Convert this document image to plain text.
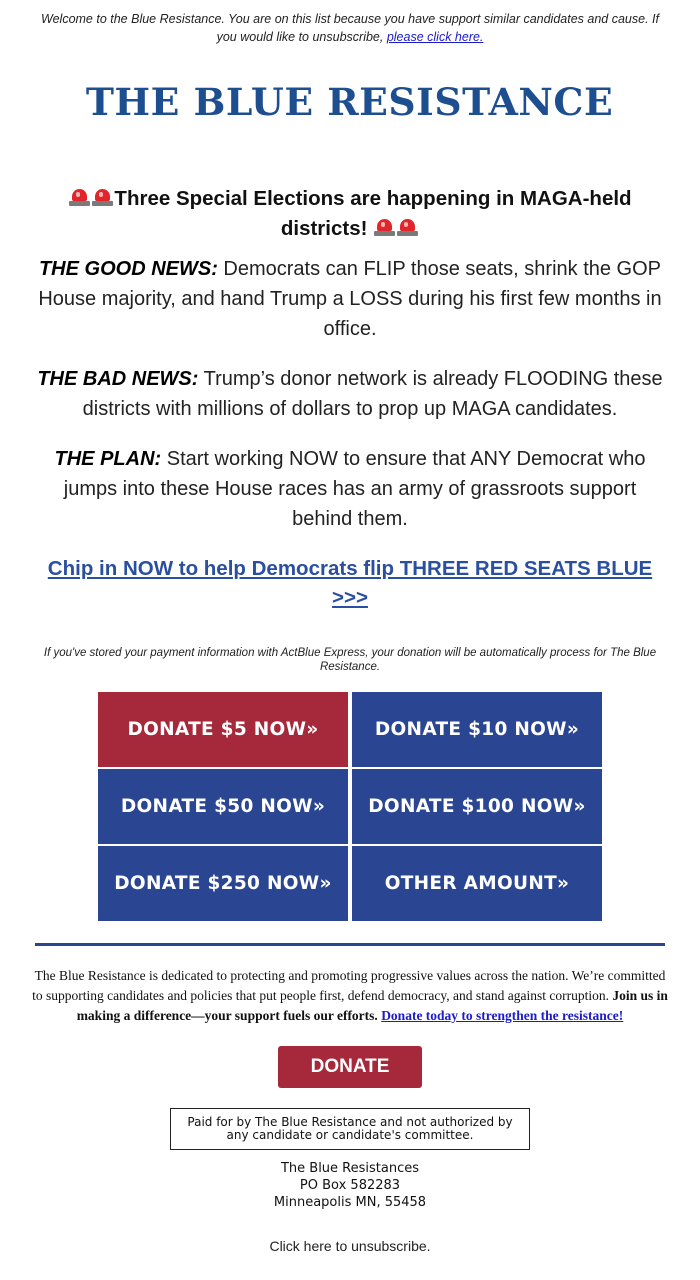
Welcome to the Blue Resistance. You are on this list because you have support similar candidates and cause. If you would like to unsubscribe, please click here.
THE BLUE RESISTANCE
Three Special Elections are happening in MAGA-held districts!

THE GOOD NEWS: Democrats can FLIP those seats, shrink the GOP House majority, and hand Trump a LOSS during his first few months in office.

THE BAD NEWS: Trump’s donor network is already FLOODING these districts with millions of dollars to prop up MAGA candidates.

THE PLAN: Start working NOW to ensure that ANY Democrat who jumps into these House races has an army of grassroots support behind them.

Chip in NOW to help Democrats flip THREE RED SEATS BLUE >>>
If you've stored your payment information with ActBlue Express, your donation will be automatically process for The Blue Resistance.
DONATE $5 NOW»	DONATE $10 NOW»
DONATE $50 NOW»	DONATE $100 NOW»
DONATE $250 NOW»	OTHER AMOUNT»
The Blue Resistance is dedicated to protecting and promoting progressive values across the nation. We’re committed to supporting candidates and policies that put people first, defend democracy, and stand against corruption. Join us in making a difference—your support fuels our efforts. Donate today to strengthen the resistance!
DONATE
Paid for by The Blue Resistance and not authorized by any candidate or candidate's committee.
The Blue Resistances
PO Box 582283
Minneapolis MN, 55458
Click here to unsubscribe.
